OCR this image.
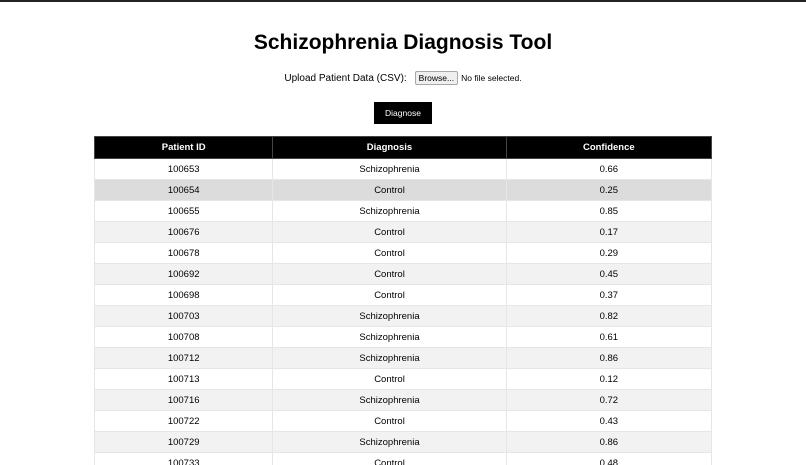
Schizophrenia Diagnosis Tool
Upload Patient Data (CSV):	Browse... No file selected.
Diagnose
Patient ID	Diagnosis	Confidence
100653	Schizophrenia	0.66
100654	Control	0.25
100655	Schizophrenia	0.85
100676	Control	0.17
100678	Control	0.29
100692	Control	0.45
100698	Control	0.37
100703	Schizophrenia	0.82
100708	Schizophrenia	0.61
100712	Schizophrenia	0.86
100713	Control	0.12
100716	Schizophrenia	0.72
100722	Control	0.43
100729	Schizophrenia	0.86
100733	Control	0.48
